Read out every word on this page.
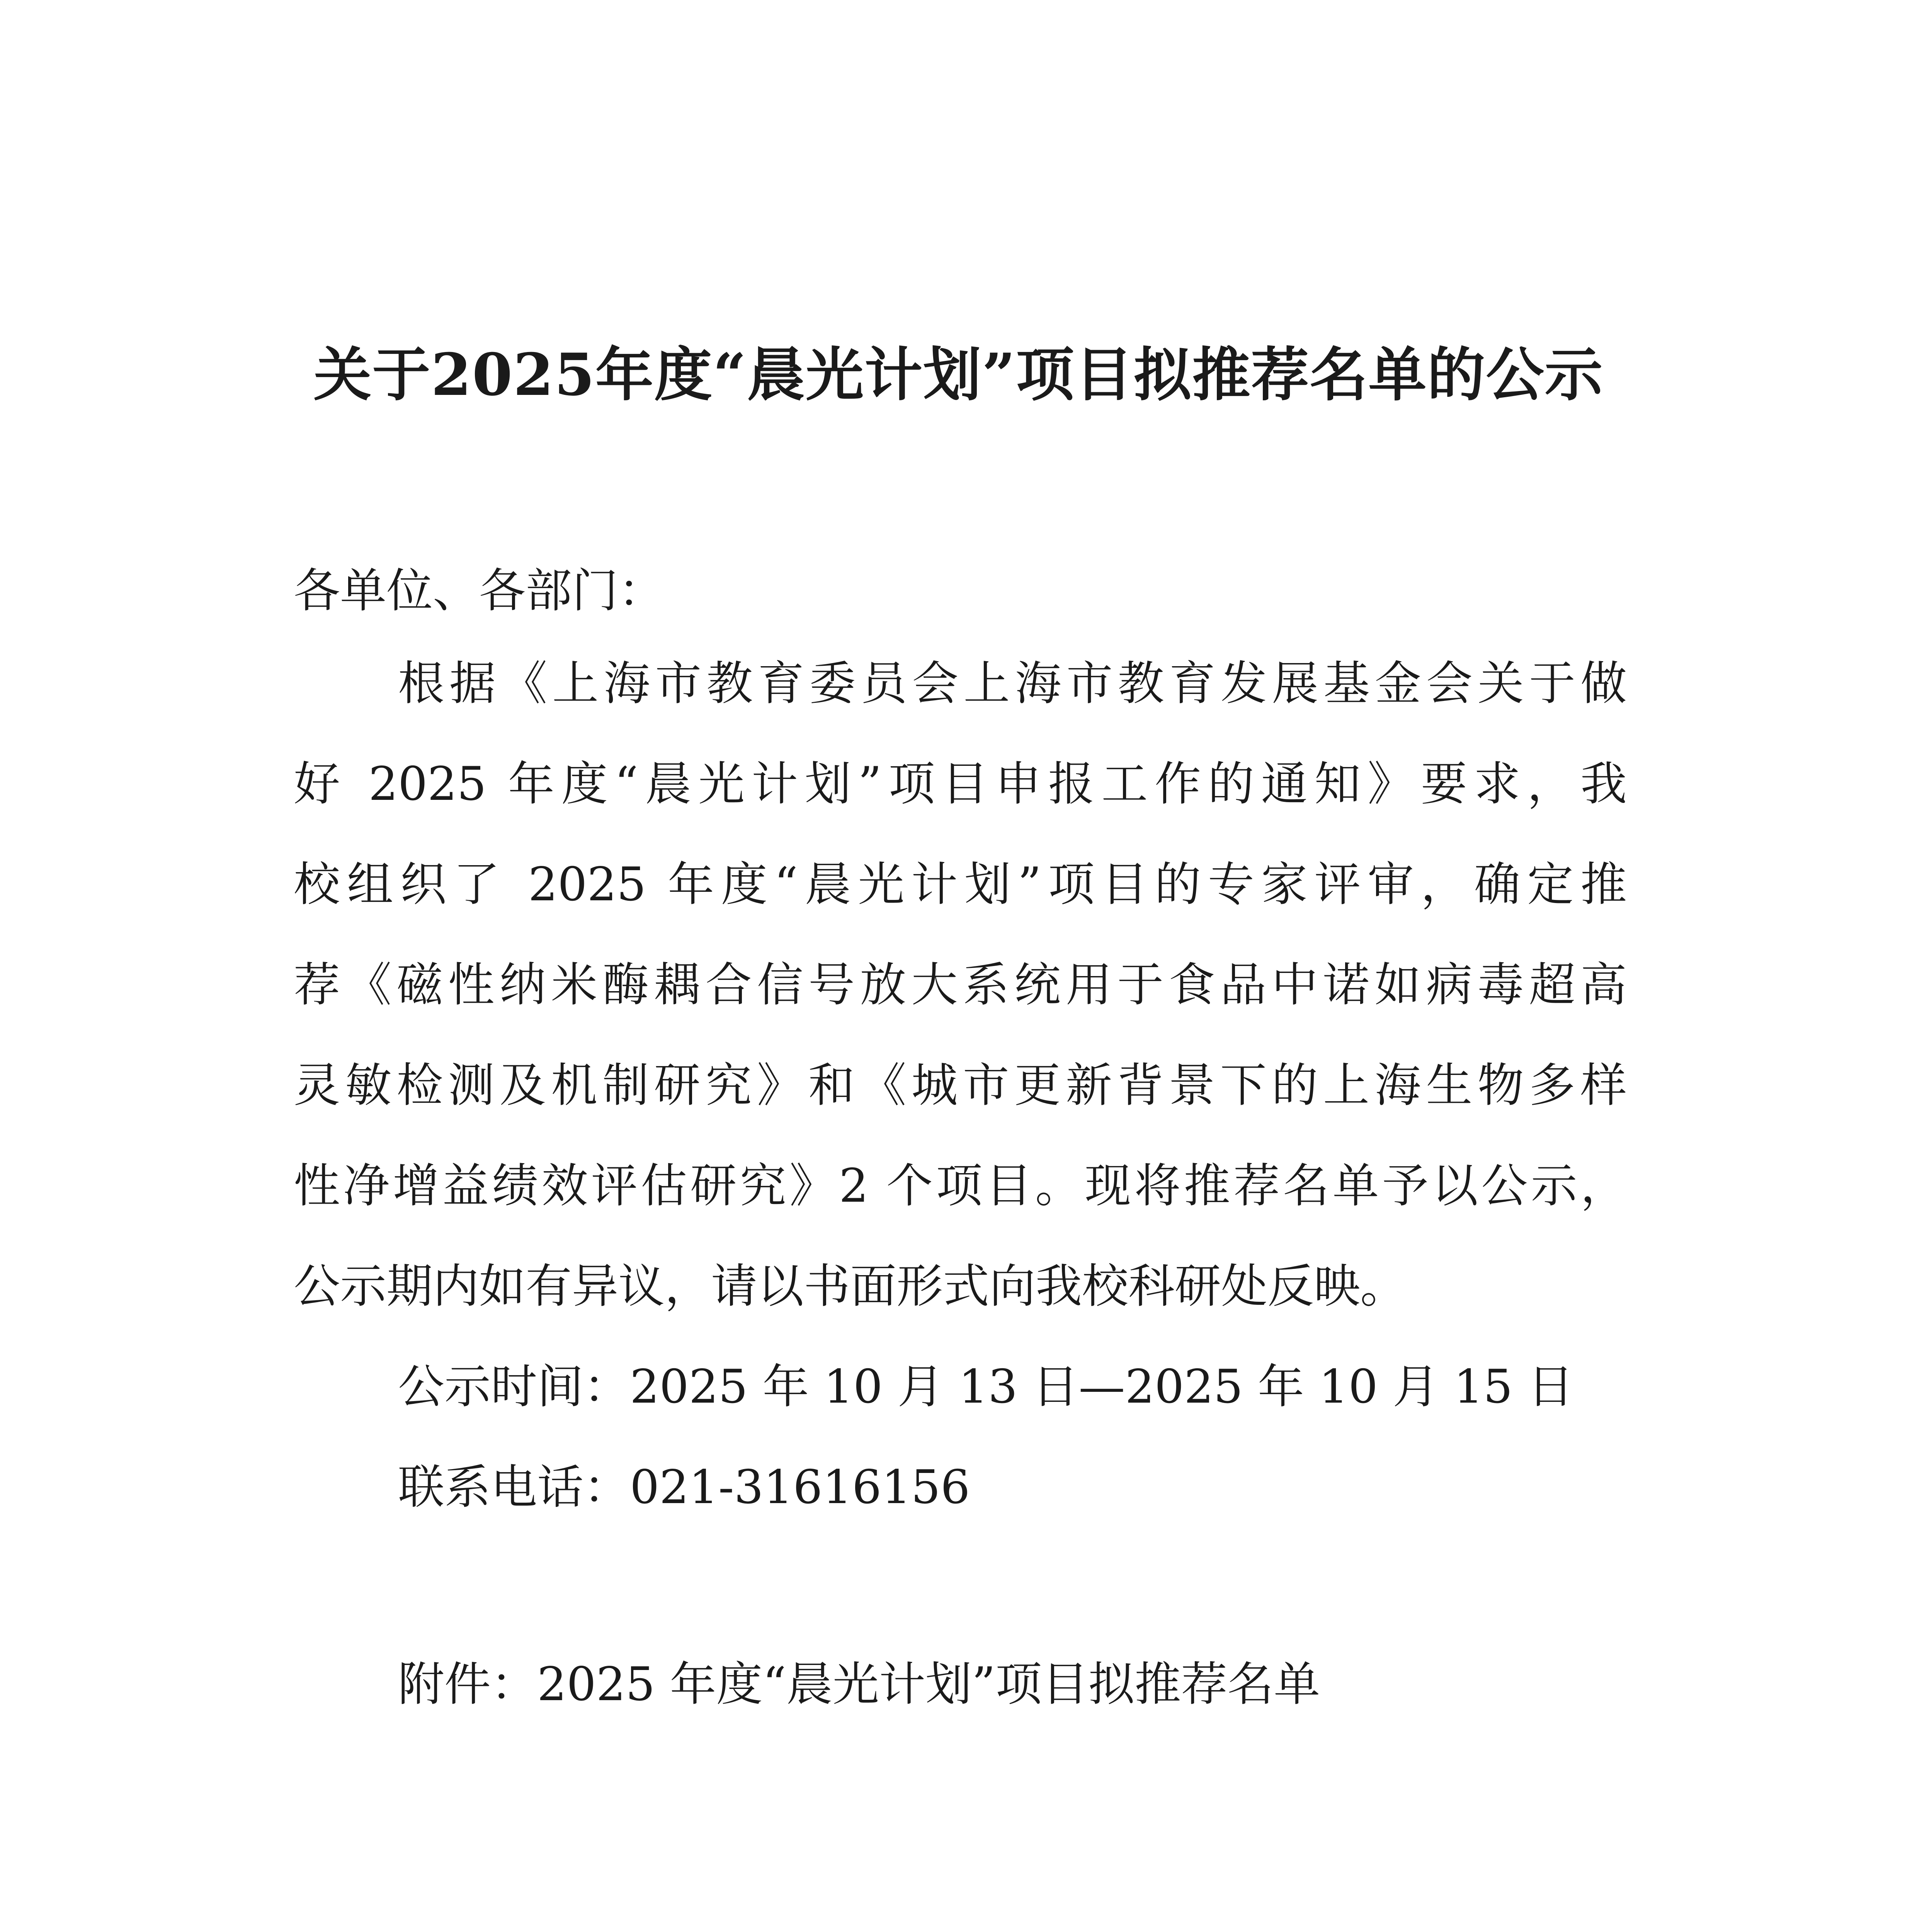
关于2025年度“晨光计划”项目拟推荐名单的公示
各单位、各部门：
根据《上海市教育委员会上海市教育发展基金会关于做
好 2025 年度“晨光计划”项目申报工作的通知》要求，我
校组织了 2025 年度“晨光计划”项目的专家评审，确定推
荐《磁性纳米酶耦合信号放大系统用于食品中诺如病毒超高
灵敏检测及机制研究》和《城市更新背景下的上海生物多样
性净增益绩效评估研究》2 个项目。现将推荐名单予以公示，
公示期内如有异议，请以书面形式向我校科研处反映。
公示时间：2025 年 10 月 13 日—2025 年 10 月 15 日
联系电话：021-31616156
附件：2025 年度“晨光计划”项目拟推荐名单
